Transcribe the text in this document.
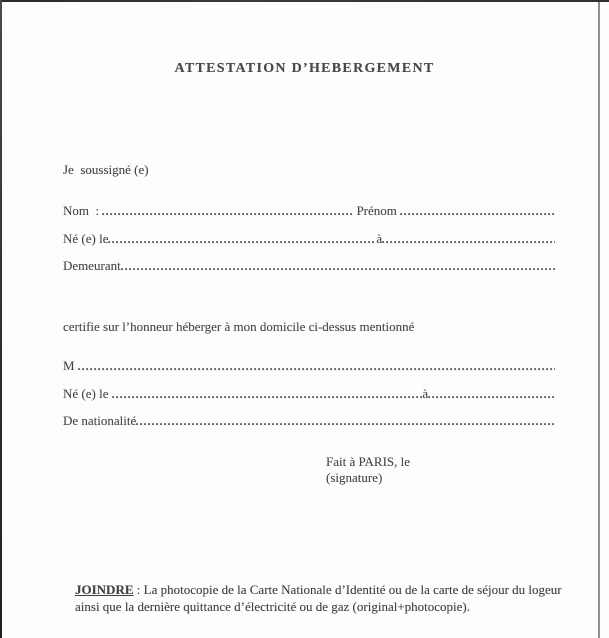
ATTESTATION D’HEBERGEMENT
Je  soussigné (e)
Nom  :	Prénom
Né (e) le	à
Demeurant
certifie sur l’honneur héberger à mon domicile ci-dessus mentionné
M
Né (e) le	à
De nationalité
Fait à PARIS, le
(signature)
JOINDRE : La photocopie de la Carte Nationale d’Identité ou de la carte de séjour du logeur ainsi que la dernière quittance d’électricité ou de gaz (original+photocopie).
